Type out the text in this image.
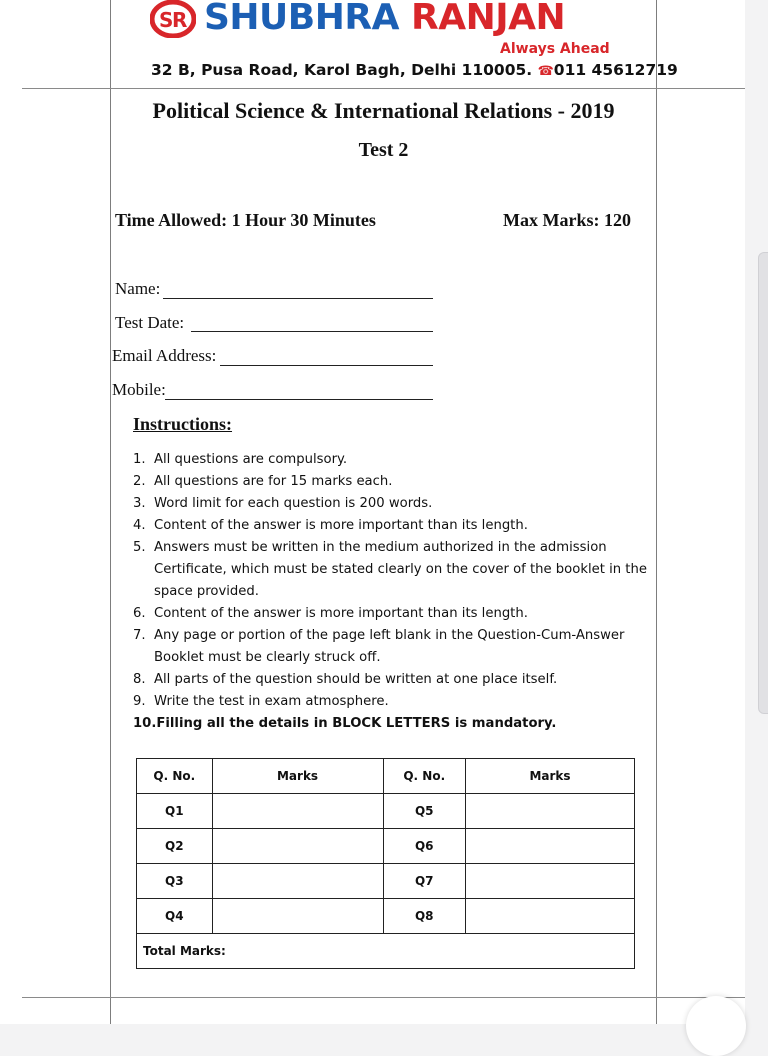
S
R SHUBHRA RANJAN
Always Ahead
32 B, Pusa Road, Karol Bagh, Delhi 110005. ☎011 45612719
Political Science & International Relations - 2019
Test 2
Time Allowed: 1 Hour 30 Minutes	Max Marks: 120
Name:
Test Date:
Email Address:
Mobile:
Instructions:
1. All questions are compulsory.
2. All questions are for 15 marks each.
3. Word limit for each question is 200 words.
4. Content of the answer is more important than its length.
5. Answers must be written in the medium authorized in the admission Certificate, which must be stated clearly on the cover of the booklet in the space provided.
6. Content of the answer is more important than its length.
7. Any page or portion of the page left blank in the Question-Cum-Answer Booklet must be clearly struck off.
8. All parts of the question should be written at one place itself.
9. Write the test in exam atmosphere.
10.Filling all the details in BLOCK LETTERS is mandatory.
Q. No.	Marks	Q. No.	Marks
Q1		Q5	
Q2		Q6	
Q3		Q7	
Q4		Q8	
Total Marks:			
